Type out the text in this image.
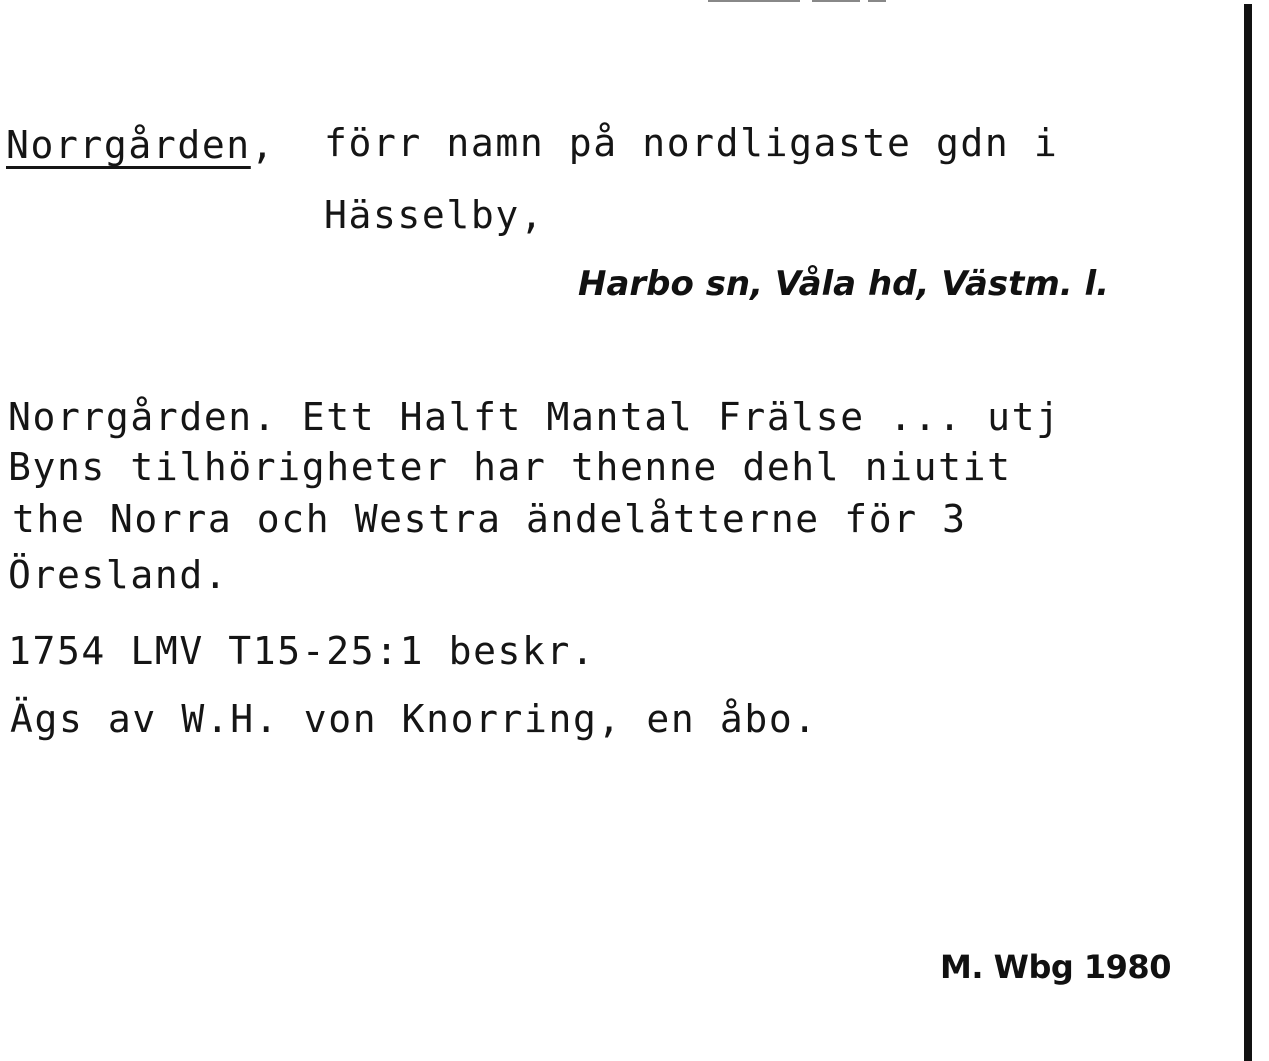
Norrgården, förr namn på nordligaste gdn i
Hässelby,
Harbo sn, Våla hd, Västm. l.
Norrgården. Ett Halft Mantal Frälse ... utj
Byns tilhörigheter har thenne dehl niutit
the Norra och Westra ändelåtterne för 3
Öresland.
1754 LMV T15-25:1 beskr.
Ägs av W.H. von Knorring, en åbo.
M. Wbg 1980
